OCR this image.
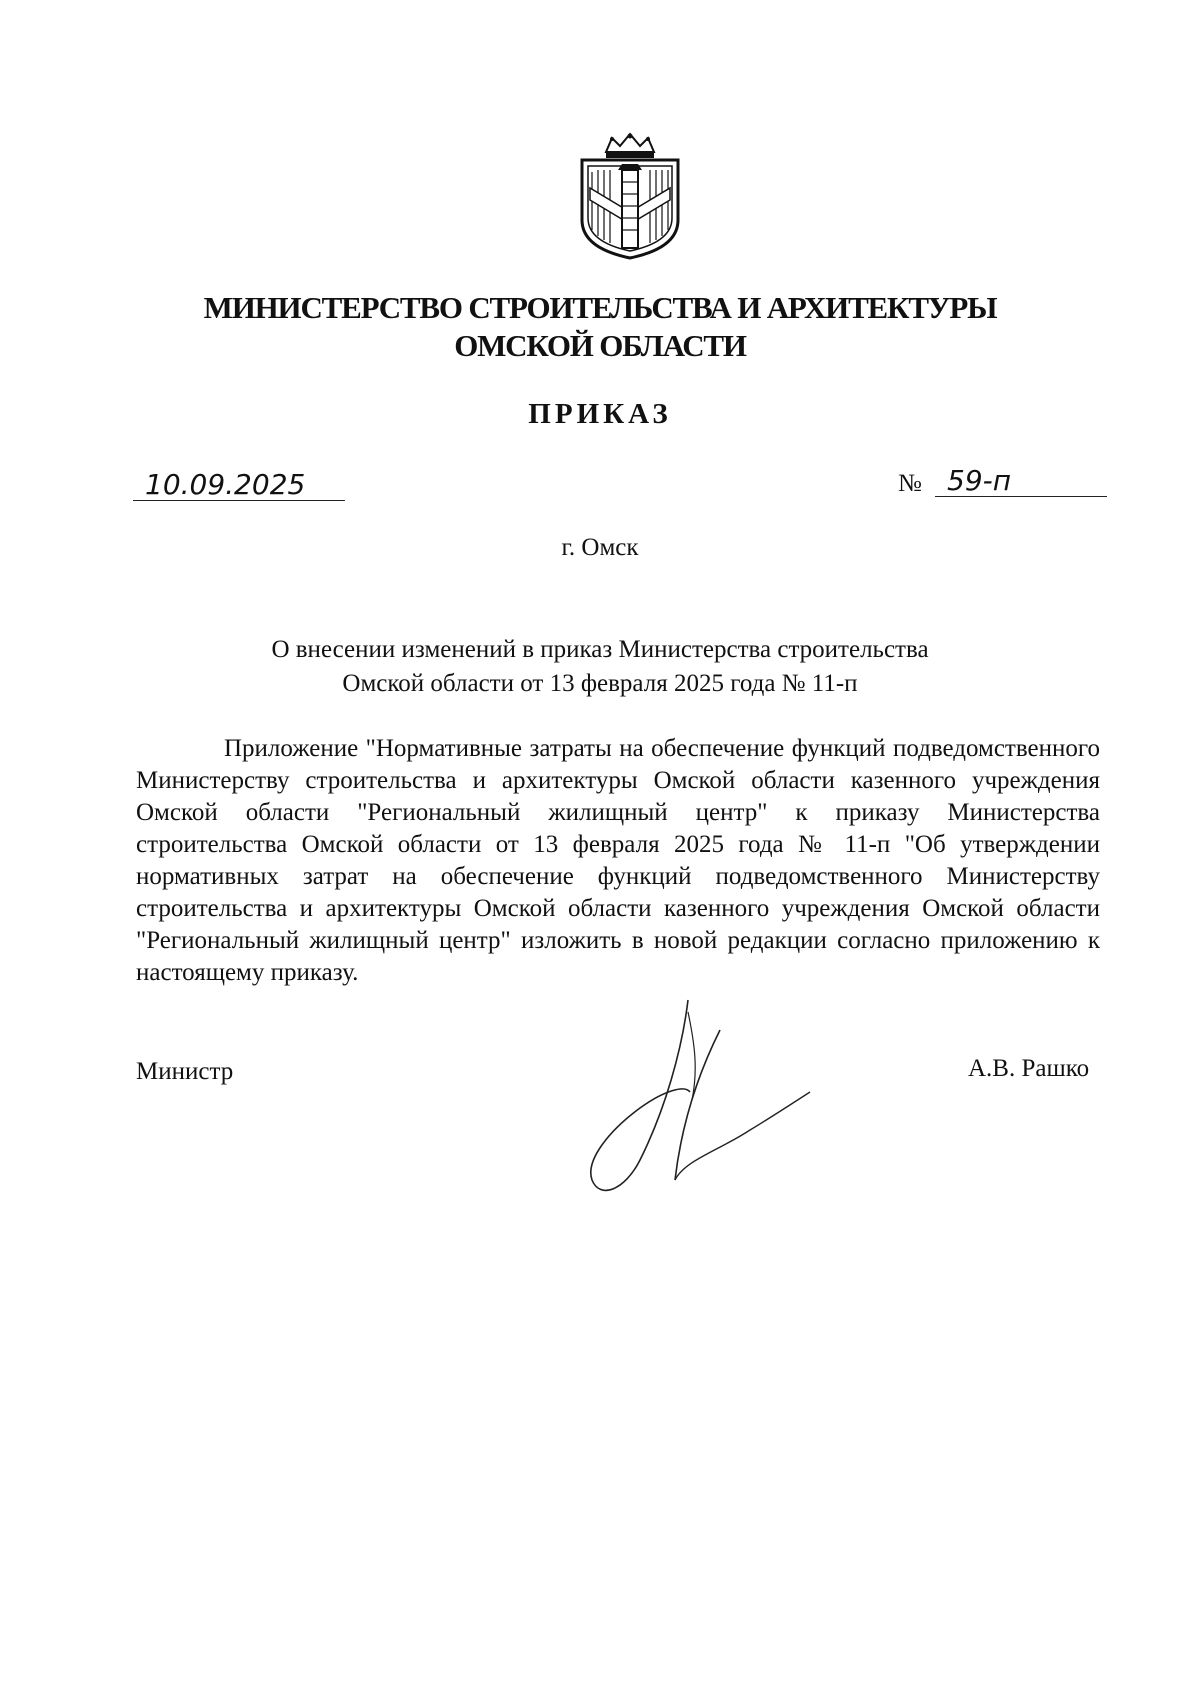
МИНИСТЕРСТВО СТРОИТЕЛЬСТВА И АРХИТЕКТУРЫ
ОМСКОЙ ОБЛАСТИ
ПРИКАЗ
10.09.2025	№ 59-п
г. Омск
О внесении изменений в приказ Министерства строительства
Омской области от 13 февраля 2025 года № 11-п

Приложение "Нормативные затраты на обеспечение функций подведомственного Министерству строительства и архитектуры Омской области казенного учреждения Омской области "Региональный жилищный центр" к приказу Министерства строительства Омской области от 13 февраля 2025 года № 11-п "Об утверждении нормативных затрат на обеспечение функций подведомственного Министерству строительства и архитектуры Омской области казенного учреждения Омской области "Региональный жилищный центр" изложить в новой редакции согласно приложению к настоящему приказу.

Министр	А.В. Рашко
